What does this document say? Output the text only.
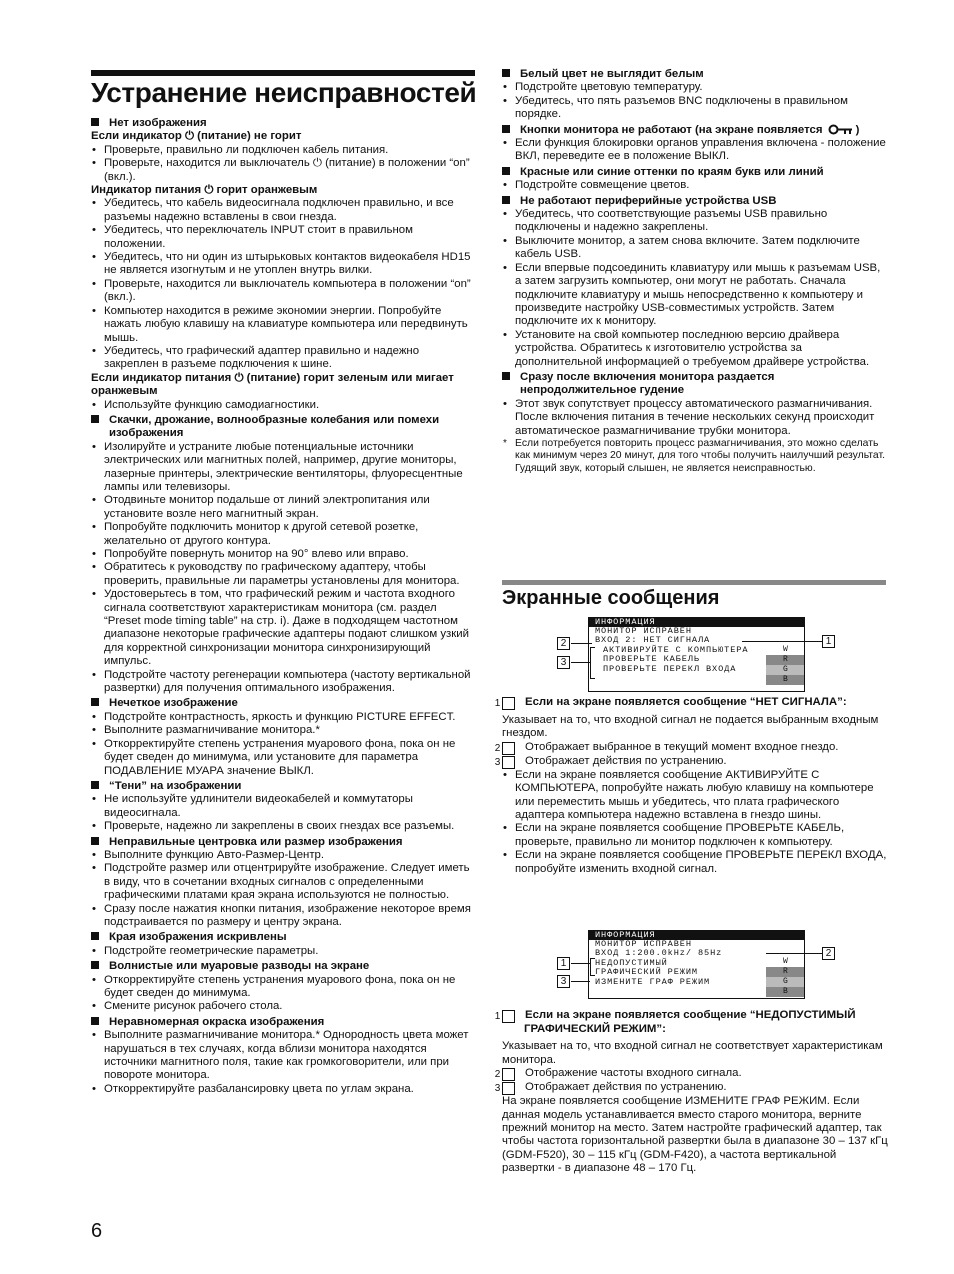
Устранение неисправностей
Нет изображения
Если индикатор ⏻ (питание) не горит
• Проверьте, правильно ли подключен кабель питания.
• Проверьте, находится ли выключатель ⏻ (питание) в положении “on” (вкл.).
Индикатор питания ⏻ горит оранжевым
• Убедитесь, что кабель видеосигнала подключен правильно, и все разъемы надежно вставлены в свои гнезда.
• Убедитесь, что переключатель INPUT стоит в правильном положении.
• Убедитесь, что ни один из штырьковых контактов видеокабеля HD15 не является изогнутым и не утоплен внутрь вилки.
• Проверьте, находится ли выключатель компьютера в положении “on” (вкл.).
• Компьютер находится в режиме экономии энергии. Попробуйте нажать любую клавишу на клавиатуре компьютера или передвинуть мышь.
• Убедитесь, что графический адаптер правильно и надежно закреплен в разъеме подключения к шине.
Если индикатор питания ⏻ (питание) горит зеленым или мигает оранжевым
• Используйте функцию самодиагностики.
Скачки, дрожание, волнообразные колебания или помехи изображения
• Изолируйте и устраните любые потенциальные источники электрических или магнитных полей, например, другие мониторы, лазерные принтеры, электрические вентиляторы, флуоресцентные лампы или телевизоры.
• Отодвиньте монитор подальше от линий электропитания или установите возле него магнитный экран.
• Попробуйте подключить монитор к другой сетевой розетке, желательно от другого контура.
• Попробуйте повернуть монитор на 90° влево или вправо.
• Обратитесь к руководству по графическому адаптеру, чтобы проверить, правильные ли параметры установлены для монитора.
• Удостоверьтесь в том, что графический режим и частота входного сигнала соответствуют характеристикам монитора (см. раздел “Preset mode timing table” на стр. i). Даже в подходящем частотном диапазоне некоторые графические адаптеры подают слишком узкий для корректной синхронизации монитора синхронизирующий импульс.
• Подстройте частоту регенерации компьютера (частоту вертикальной развертки) для получения оптимального изображения.
Нечеткое изображение
• Подстройте контрастность, яркость и функцию PICTURE EFFECT.
• Выполните размагничивание монитора.*
• Откорректируйте степень устранения муарового фона, пока он не будет сведен до минимума, или установите для параметра ПОДАВЛЕНИЕ МУАРА значение ВЫКЛ.
“Тени” на изображении
• Не используйте удлинители видеокабелей и коммутаторы видеосигнала.
• Проверьте, надежно ли закреплены в своих гнездах все разъемы.
Неправильные центровка или размер изображения
• Выполните функцию Авто-Размер-Центр.
• Подстройте размер или отцентрируйте изображение. Следует иметь в виду, что в сочетании входных сигналов с определенными графическими платами края экрана используются не полностью.
• Сразу после нажатия кнопки питания, изображение некоторое время подстраивается по размеру и центру экрана.
Края изображения искривлены
• Подстройте геометрические параметры.
Волнистые или муаровые разводы на экране
• Откорректируйте степень устранения муарового фона, пока он не будет сведен до минимума.
• Смените рисунок рабочего стола.
Неравномерная окраска изображения
• Выполните размагничивание монитора.* Однородность цвета может нарушаться в тех случаях, когда вблизи монитора находятся источники магнитного поля, такие как громкоговорители, или при повороте монитора.
• Откорректируйте разбалансировку цвета по углам экрана.
6
Белый цвет не выглядит белым
• Подстройте цветовую температуру.
• Убедитесь, что пять разъемов BNC подключены в правильном порядке.
Кнопки монитора не работают (на экране появляется	)
• Если функция блокировки органов управления включена - положение ВКЛ, переведите ее в положение ВЫКЛ.
Красные или синие оттенки по краям букв или линий
• Подстройте совмещение цветов.
Не работают периферийные устройства USB
• Убедитесь, что соответствующие разъемы USB правильно подключены и надежно закреплены.
• Выключите монитор, а затем снова включите. Затем подключите кабель USB.
• Если впервые подсоединить клавиатуру или мышь к разъемам USB, а затем загрузить компьютер, они могут не работать. Сначала подключите клавиатуру и мышь непосредственно к компьютеру и произведите настройку USB-совместимых устройств. Затем подключите их к монитору.
• Установите на свой компьютер последнюю версию драйвера устройства. Обратитесь к изготовителю устройства за дополнительной информацией о требуемом драйвере устройства.
Сразу после включения монитора раздается непродолжительное гудение
• Этот звук сопутствует процессу автоматического размагничивания. После включения питания в течение нескольких секунд происходит автоматическое размагничивание трубки монитора.
* Если потребуется повторить процесс размагничивания, это можно сделать как минимум через 20 минут, для того чтобы получить наилучший результат. Гудящий звук, который слышен, не является неисправностью.
Экранные сообщения
ИНФОРМАЦИЯ
МОНИТОР ИСПРАВЕН
ВХОД 2: НЕТ СИГНАЛА
АКТИВИРУЙТЕ С КОМПЬЮТЕРА
ПРОВЕРЬТЕ КАБЕЛЬ
ПРОВЕРЬТЕ ПЕРЕКЛ ВХОДА
W
R
G
B
2
3
1
1 Если на экране появляется сообщение “НЕТ СИГНАЛА”:
Указывает на то, что входной сигнал не подается выбранным входным гнездом.
2 Отображает выбранное в текущий момент входное гнездо.
3 Отображает действия по устранению.
• Если на экране появляется сообщение АКТИВИРУЙТЕ С КОМПЬЮТЕРА, попробуйте нажать любую клавишу на компьютере или переместить мышь и убедитесь, что плата графического адаптера компьютера надежно вставлена в гнездо шины.
• Если на экране появляется сообщение ПРОВЕРЬТЕ КАБЕЛЬ, проверьте, правильно ли монитор подключен к компьютеру.
• Если на экране появляется сообщение ПРОВЕРЬТЕ ПЕРЕКЛ ВХОДА, попробуйте изменить входной сигнал.
ИНФОРМАЦИЯ
МОНИТОР ИСПРАВЕН
ВХОД 1:200.0kHz/ 85Hz
НЕДОПУСТИМЫЙ
ГРАФИЧЕСКИЙ РЕЖИМ
ИЗМЕНИТЕ ГРАФ РЕЖИМ
W
R
G
B
2
1
3
1 Если на экране появляется сообщение “НЕДОПУСТИМЫЙ ГРАФИЧЕСКИЙ РЕЖИМ”:
Указывает на то, что входной сигнал не соответствует характеристикам монитора.
2 Отображение частоты входного сигнала.
3 Отображает действия по устранению.
На экране появляется сообщение ИЗМЕНИТЕ ГРАФ РЕЖИМ. Если данная модель устанавливается вместо старого монитора, верните прежний монитор на место. Затем настройте графический адаптер, так чтобы частота горизонтальной развертки была в диапазоне 30 – 137 кГц (GDM-F520), 30 – 115 кГц (GDM-F420), а частота вертикальной развертки - в диапазоне 48 – 170 Гц.
